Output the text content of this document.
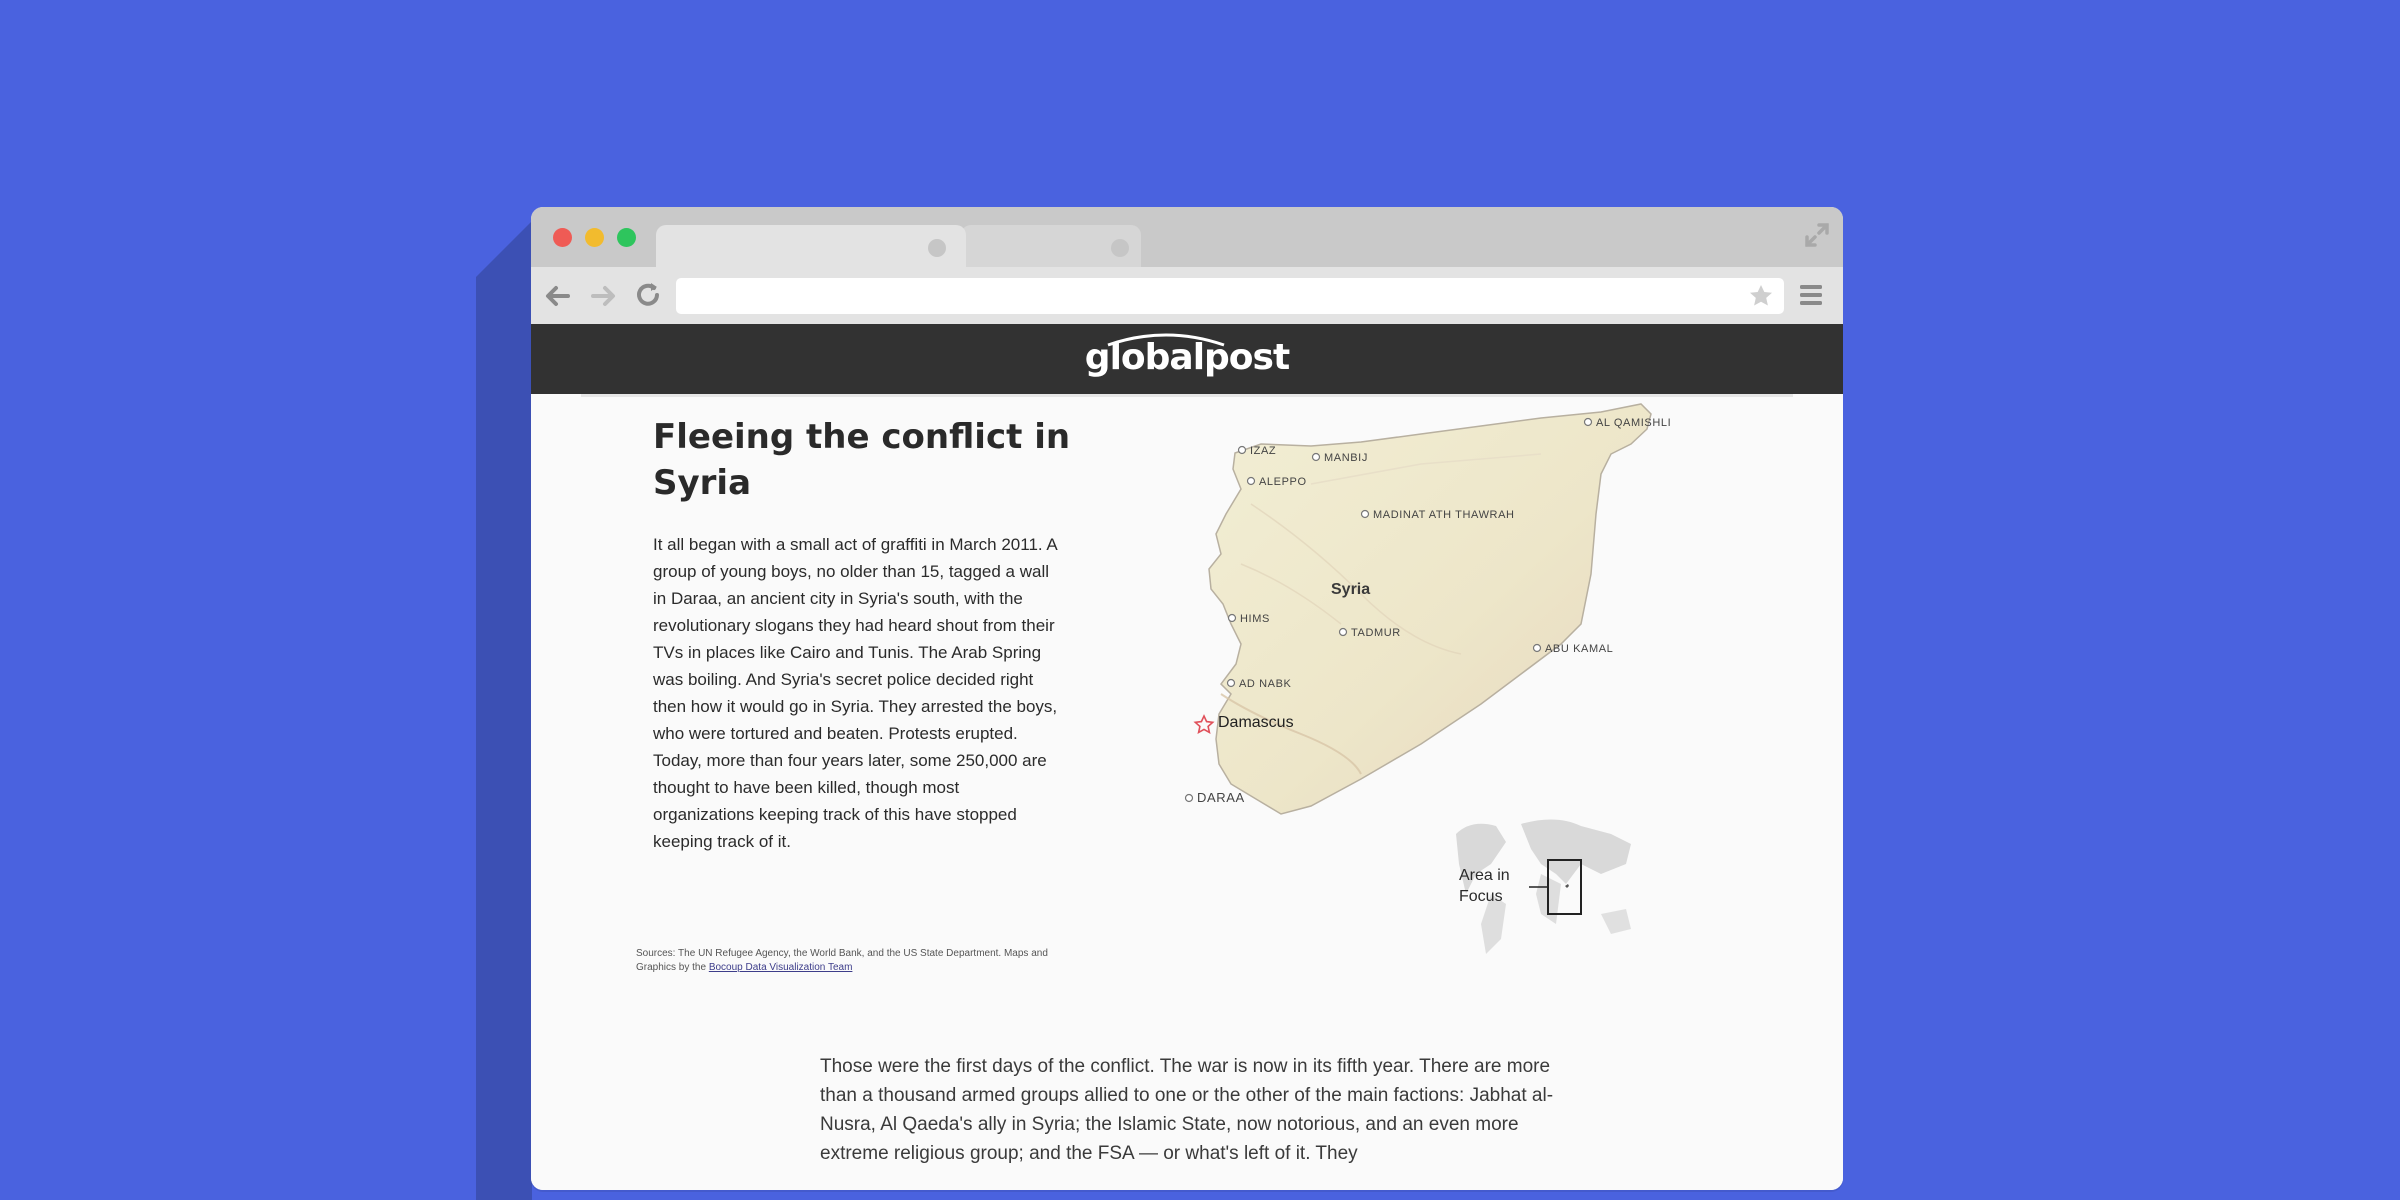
globalpost
Fleeing the conflict in Syria

It all began with a small act of graffiti in March 2011. A group of young boys, no older than 15, tagged a wall in Daraa, an ancient city in Syria's south, with the revolutionary slogans they had heard shout from their TVs in places like Cairo and Tunis. The Arab Spring was boiling. And Syria's secret police decided right then how it would go in Syria. They arrested the boys, who were tortured and beaten. Protests erupted. Today, more than four years later, some 250,000 are thought to have been killed, though most organizations keeping track of this have stopped keeping track of it.

Sources: The UN Refugee Agency, the World Bank, and the US State Department. Maps and Graphics by the Bocoup Data Visualization Team

AL QAMISHLI
IZAZ
MANBIJ
ALEPPO
MADINAT ATH THAWRAH
HIMS
TADMUR
ABU KAMAL
AD NABK
DARAA
Syria
Damascus
Area in
Focus

Those were the first days of the conflict. The war is now in its fifth year. There are more than a thousand armed groups allied to one or the other of the main factions: Jabhat al-Nusra, Al Qaeda's ally in Syria; the Islamic State, now notorious, and an even more extreme religious group; and the FSA — or what's left of it. They
